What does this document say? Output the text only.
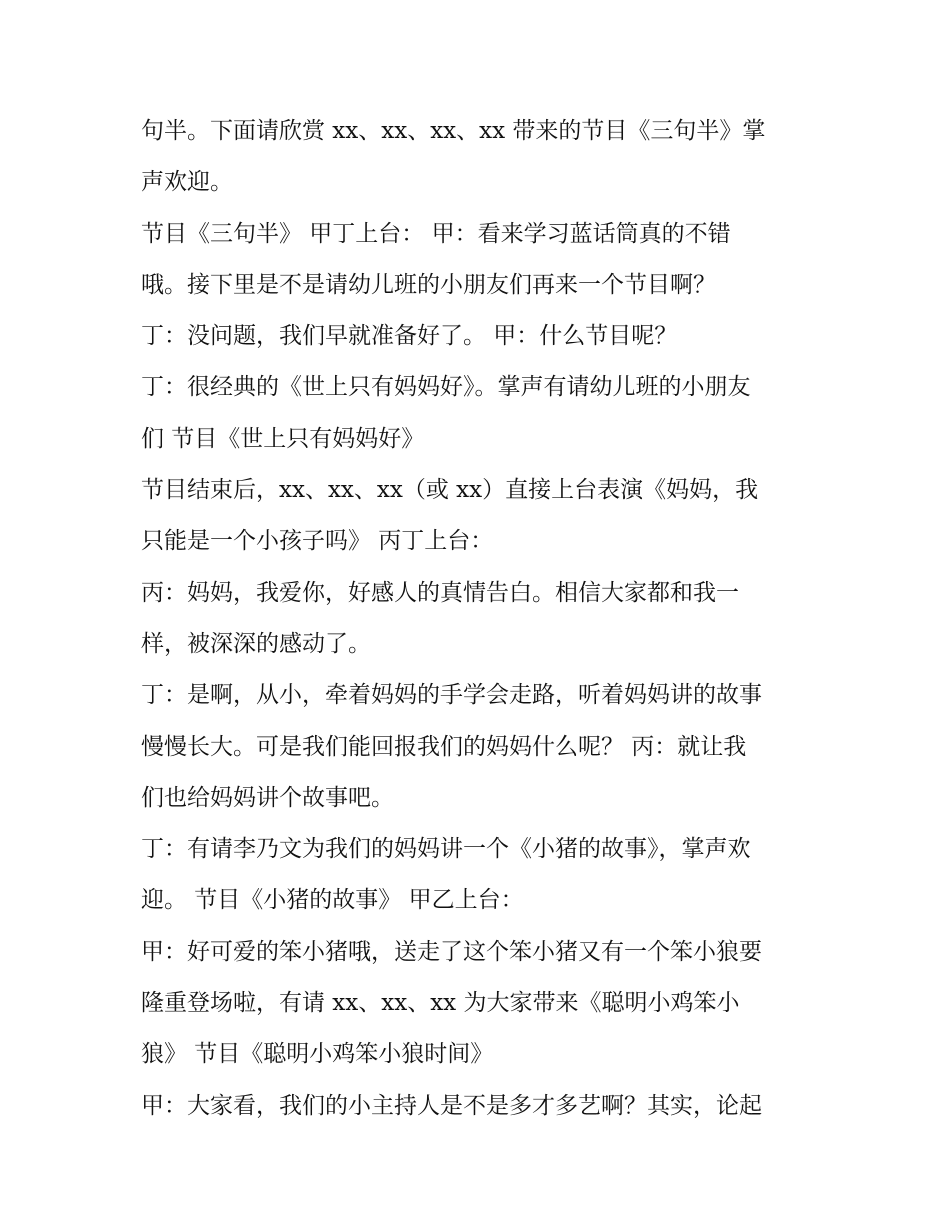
句半。下面请欣赏 xx、xx、xx、xx 带来的节目《三句半》掌
声欢迎。
节目《三句半》 甲丁上台： 甲：看来学习蓝话筒真的不错
哦。接下里是不是请幼儿班的小朋友们再来一个节目啊？
丁：没问题，我们早就准备好了。 甲：什么节目呢？
丁：很经典的《世上只有妈妈好》。掌声有请幼儿班的小朋友
们 节目《世上只有妈妈好》
节目结束后，xx、xx、xx（或 xx）直接上台表演《妈妈，我
只能是一个小孩子吗》 丙丁上台：
丙：妈妈，我爱你，好感人的真情告白。相信大家都和我一
样，被深深的感动了。
丁：是啊，从小，牵着妈妈的手学会走路，听着妈妈讲的故事
慢慢长大。可是我们能回报我们的妈妈什么呢？ 丙：就让我
们也给妈妈讲个故事吧。
丁：有请李乃文为我们的妈妈讲一个《小猪的故事》，掌声欢
迎。 节目《小猪的故事》 甲乙上台：
甲：好可爱的笨小猪哦，送走了这个笨小猪又有一个笨小狼要
隆重登场啦，有请 xx、xx、xx 为大家带来《聪明小鸡笨小
狼》 节目《聪明小鸡笨小狼时间》
甲：大家看，我们的小主持人是不是多才多艺啊？其实，论起
